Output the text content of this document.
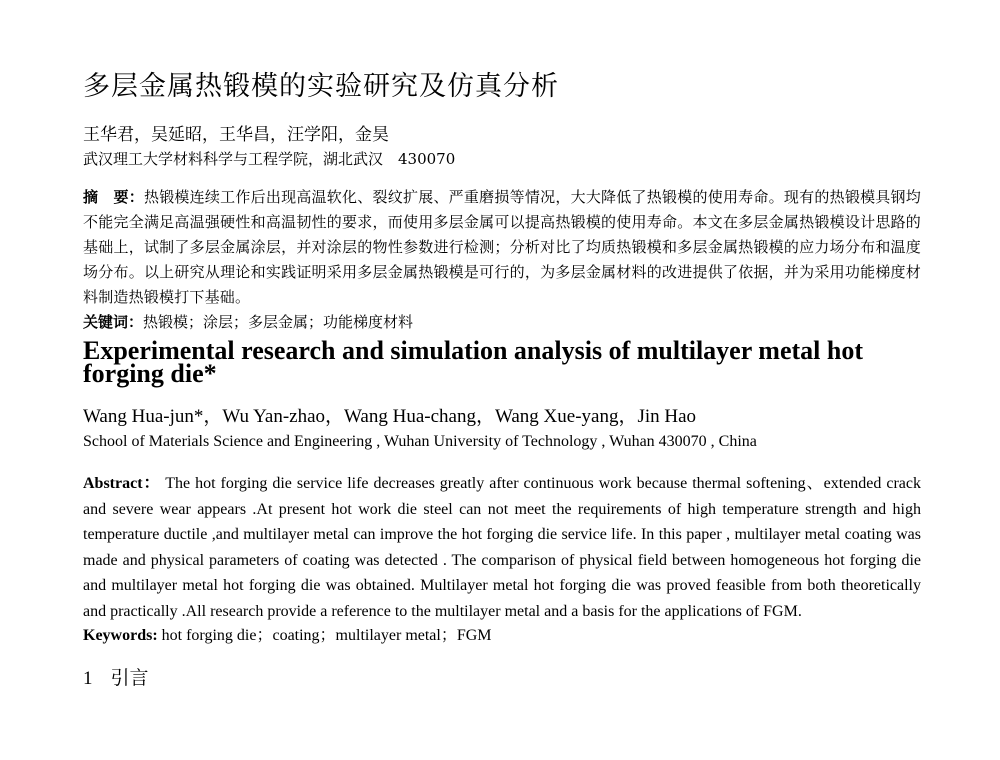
多层金属热锻模的实验研究及仿真分析

王华君，吴延昭，王华昌，汪学阳，金昊

武汉理工大学材料科学与工程学院，湖北武汉　430070

摘　要：热锻模连续工作后出现高温软化、裂纹扩展、严重磨损等情况，大大降低了热锻模的使用寿命。现有的热锻模具钢均不能完全满足高温强硬性和高温韧性的要求，而使用多层金属可以提高热锻模的使用寿命。本文在多层金属热锻模设计思路的基础上，试制了多层金属涂层，并对涂层的物性参数进行检测；分析对比了均质热锻模和多层金属热锻模的应力场分布和温度场分布。以上研究从理论和实践证明采用多层金属热锻模是可行的，为多层金属材料的改进提供了依据，并为采用功能梯度材料制造热锻模打下基础。

关键词：热锻模；涂层；多层金属；功能梯度材料

Experimental research and simulation analysis of multilayer metal hot forging die*

Wang Hua-jun*，Wu Yan-zhao，Wang Hua-chang，Wang Xue-yang，Jin Hao

School of Materials Science and Engineering , Wuhan University of Technology , Wuhan 430070 , China

Abstract： The hot forging die service life decreases greatly after continuous work because thermal softening、extended crack and severe wear appears .At present hot work die steel can not meet the requirements of high temperature strength and high temperature ductile ,and multilayer metal can improve the hot forging die service life. In this paper , multilayer metal coating was made and physical parameters of coating was detected . The comparison of physical field between homogeneous hot forging die and multilayer metal hot forging die was obtained. Multilayer metal hot forging die was proved feasible from both theoretically and practically .All research provide a reference to the multilayer metal and a basis for the applications of FGM.

Keywords: hot forging die；coating；multilayer metal；FGM

1 引言
